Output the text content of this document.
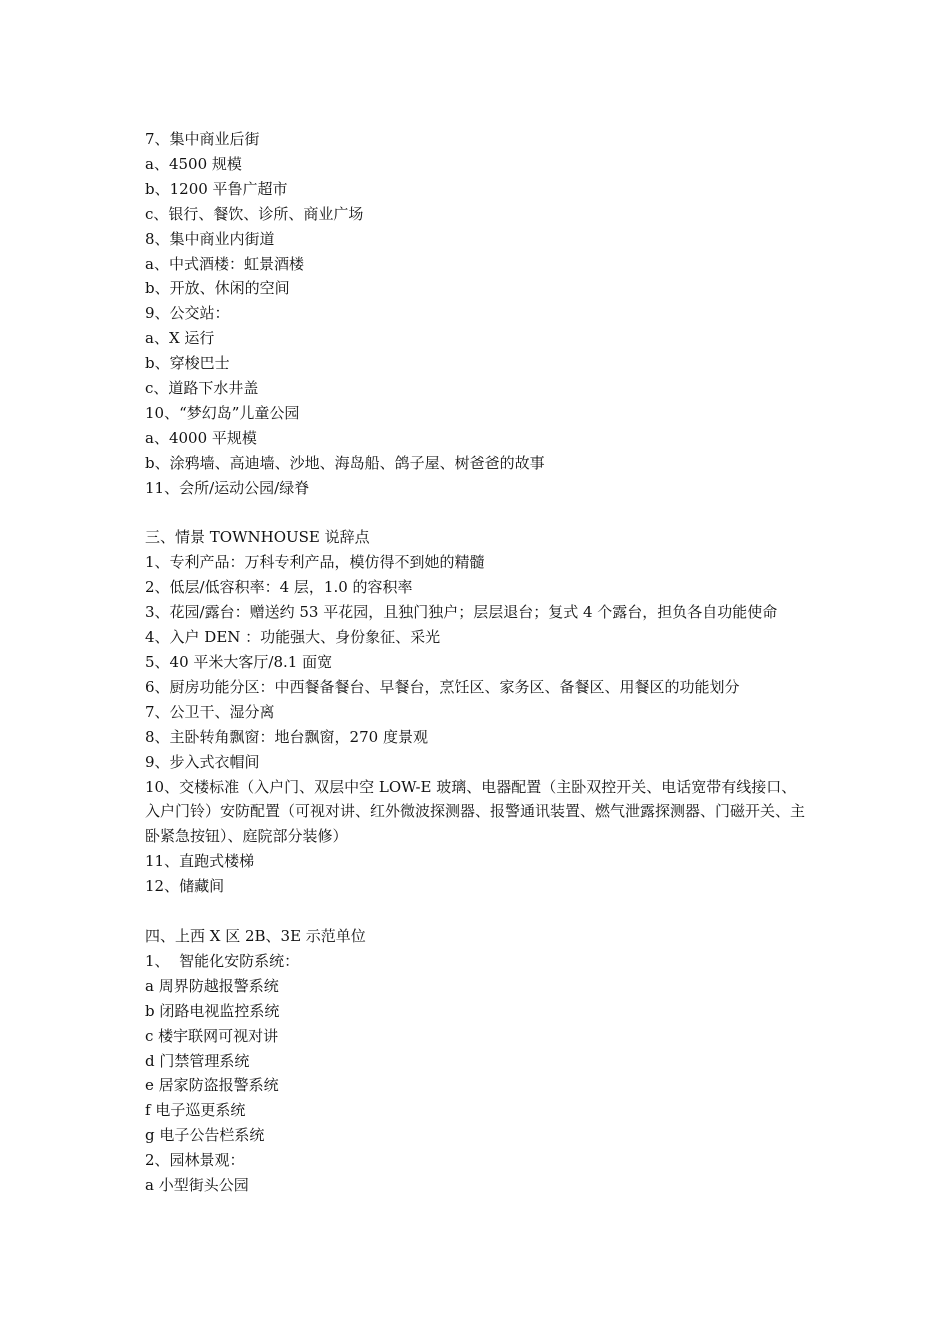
7、集中商业后街
a、4500 规模
b、1200 平鲁广超市
c、银行、餐饮、诊所、商业广场
8、集中商业内街道
a、中式酒楼：虹景酒楼
b、开放、休闲的空间
9、公交站：
a、X 运行
b、穿梭巴士
c、道路下水井盖
10、“梦幻岛”儿童公园
a、4000 平规模
b、涂鸦墙、高迪墙、沙地、海岛船、鸽子屋、树爸爸的故事
11、会所/运动公园/绿脊
三、情景 TOWNHOUSE 说辞点
1、专利产品：万科专利产品，模仿得不到她的精髓
2、低层/低容积率：4 层，1.0 的容积率
3、花园/露台：赠送约 53 平花园，且独门独户；层层退台；复式 4 个露台，担负各自功能使命
4、入户 DEN ：功能强大、身份象征、采光
5、40 平米大客厅/8.1 面宽
6、厨房功能分区：中西餐备餐台、早餐台，烹饪区、家务区、备餐区、用餐区的功能划分
7、公卫干、湿分离
8、主卧转角飘窗：地台飘窗，270 度景观
9、步入式衣帽间
10、交楼标准（入户门、双层中空 LOW-E 玻璃、电器配置（主卧双控开关、电话宽带有线接口、入户门铃）安防配置（可视对讲、红外微波探测器、报警通讯装置、燃气泄露探测器、门磁开关、主卧紧急按钮）、庭院部分装修）
11、直跑式楼梯
12、储藏间
四、上西 X 区 2B、3E 示范单位
1、  智能化安防系统：
a 周界防越报警系统
b 闭路电视监控系统
c 楼宇联网可视对讲
d 门禁管理系统
e 居家防盗报警系统
f 电子巡更系统
g 电子公告栏系统
2、园林景观：
a 小型街头公园
